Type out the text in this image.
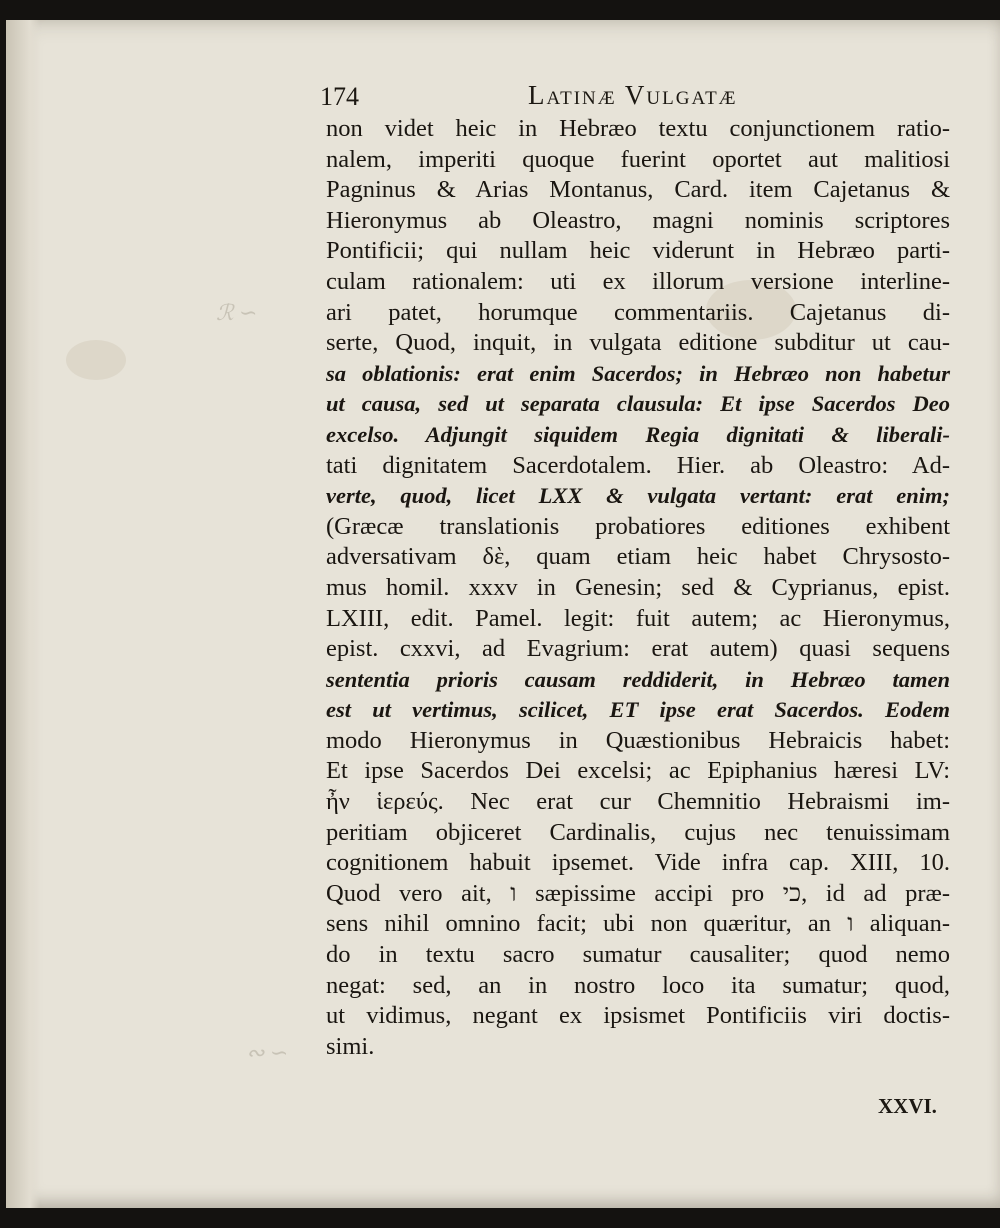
ℛ ∽
∾ ∽
174	Latinæ Vulgatæ
non videt heic in Hebræo textu conjunctionem ratio-
nalem, imperiti quoque fuerint oportet aut malitiosi
Pagninus & Arias Montanus, Card. item Cajetanus &
Hieronymus ab Oleastro, magni nominis scriptores
Pontificii; qui nullam heic viderunt in Hebræo parti-
culam rationalem: uti ex illorum versione interline-
ari patet, horumque commentariis. Cajetanus di-
serte, Quod, inquit, in vulgata editione subditur ut cau-
sa oblationis: erat enim Sacerdos; in Hebræo non habetur
ut causa, sed ut separata clausula: Et ipse Sacerdos Deo
excelso. Adjungit siquidem Regia dignitati & liberali-
tati dignitatem Sacerdotalem. Hier. ab Oleastro: Ad-
verte, quod, licet LXX & vulgata vertant: erat enim;
(Græcæ translationis probatiores editiones exhibent
adversativam δὲ, quam etiam heic habet Chrysosto-
mus homil. xxxv in Genesin; sed & Cyprianus, epist.
LXIII, edit. Pamel. legit: fuit autem; ac Hieronymus,
epist. cxxvi, ad Evagrium: erat autem) quasi sequens
sententia prioris causam reddiderit, in Hebræo tamen
est ut vertimus, scilicet, ET ipse erat Sacerdos. Eodem
modo Hieronymus in Quæstionibus Hebraicis habet:
Et ipse Sacerdos Dei excelsi; ac Epiphanius hæresi LV:
ἦν ἱερεύς. Nec erat cur Chemnitio Hebraismi im-
peritiam objiceret Cardinalis, cujus nec tenuissimam
cognitionem habuit ipsemet. Vide infra cap. XIII, 10.
Quod vero ait, ו sæpissime accipi pro כי, id ad præ-
sens nihil omnino facit; ubi non quæritur, an ו aliquan-
do in textu sacro sumatur causaliter; quod nemo
negat: sed, an in nostro loco ita sumatur; quod,
ut vidimus, negant ex ipsismet Pontificiis viri doctis-
simi.
XXVI.
